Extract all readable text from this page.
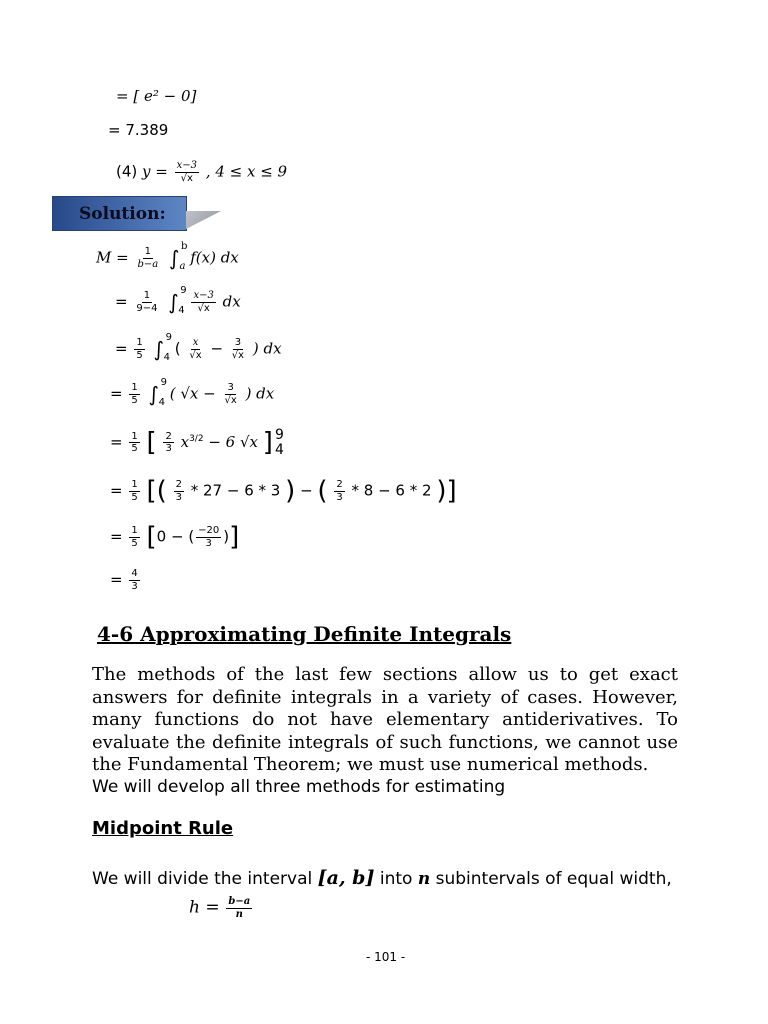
= [ e² − 0]
= 7.389
(4) $y = \frac{x-3}{√x}$ , 4 ≤ x ≤ 9
Solution:
$M = \frac{1}{b-a}$ ∫ b
a f(x) dx
= $\frac{1}{9-4}$ ∫ 9
4
$\frac{x-3}{√x}$ dx
= $\frac{1}{5}$ ∫ 9
4 ( $\frac{x}{√x} - \frac{3}{√x}$ ) dx
= $\frac{1}{5}$ ∫ 9
4 ( $√x - \frac{3}{√x}$ ) dx
= $\frac{1}{5}$ [ $\frac{2}{3} x^{3/2} - 6$ √x ] 9
4
= $\frac{1}{5}$ [( $\frac{2}{3} * 27 - 6 * 3$ ) − ( $\frac{2}{3} * 8 - 6 * 2$ )]
= $\frac{1}{5} [0$ − ( $\frac{-20}{3}$ )]
= $\frac{4}{3}$
4-6 Approximating Definite Integrals
The methods of the last few sections allow us to get exact answers for definite integrals in a variety of cases. However, many functions do not have elementary antiderivatives. To evaluate the definite integrals of such functions, we cannot use the Fundamental Theorem; we must use numerical methods.
We will develop all three methods for estimating
Midpoint Rule
We will divide the interval [a, b] into n subintervals of equal width,
$h = \frac{b-a}{n}$
- 101 -
